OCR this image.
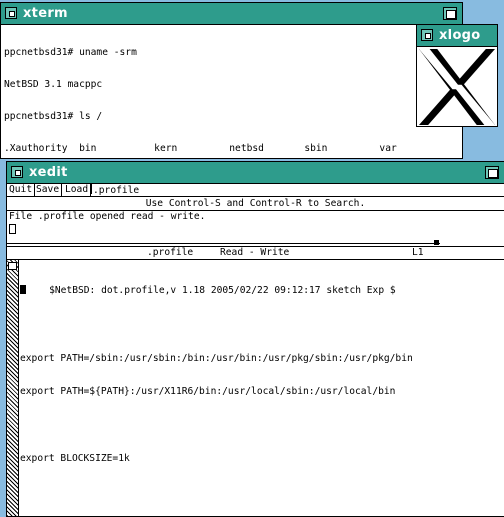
xterm

ppcnetbsd31# uname -srm

NetBSD 3.1 macppc

ppcnetbsd31# ls /

.Xauthority  bin          kern         netbsd       sbin         var

xlogo
xedit
Quit Save Load .profile
Use Control-S and Control-R to Search.
File .profile opened read - write.
.profile	Read - Write	L1

$NetBSD: dot.profile,v 1.18 2005/02/22 09:12:17 sketch Exp $

export PATH=/sbin:/usr/sbin:/bin:/usr/bin:/usr/pkg/sbin:/usr/pkg/bin

export PATH=${PATH}:/usr/X11R6/bin:/usr/local/sbin:/usr/local/bin

export BLOCKSIZE=1k
